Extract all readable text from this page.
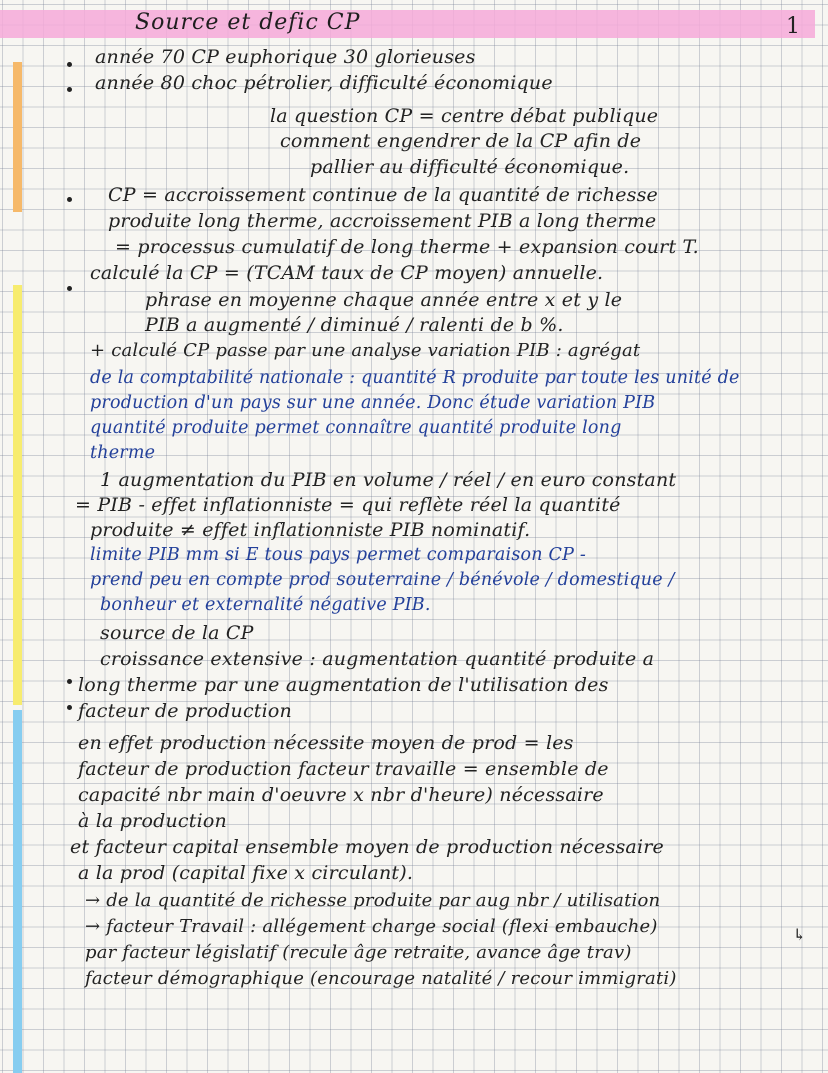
Source et defic CP	1
année 70 CP euphorique 30 glorieuses
année 80 choc pétrolier, difficulté économique
la question CP = centre débat publique
comment engendrer de la CP afin de
pallier au difficulté économique.
CP = accroissement continue de la quantité de richesse
produite long therme, accroissement PIB a long therme
= processus cumulatif de long therme + expansion court T.
calculé la CP = (TCAM taux de CP moyen) annuelle.
phrase en moyenne chaque année entre x et y le
PIB a augmenté / diminué / ralenti de b %.
+ calculé CP passe par une analyse variation PIB : agrégat
de la comptabilité nationale : quantité R produite par toute les unité de
production d'un pays sur une année. Donc étude variation PIB
quantité produite permet connaître quantité produite long
therme
1 augmentation du PIB en volume / réel / en euro constant
= PIB - effet inflationniste = qui reflète réel la quantité
produite ≠ effet inflationniste PIB nominatif.
limite PIB mm si E tous pays permet comparaison CP -
prend peu en compte prod souterraine / bénévole / domestique /
bonheur et externalité négative PIB.
source de la CP
croissance extensive : augmentation quantité produite a
long therme par une augmentation de l'utilisation des
facteur de production
en effet production nécessite moyen de prod = les
facteur de production facteur travaille = ensemble de
capacité nbr main d'oeuvre x nbr d'heure) nécessaire
à la production
et facteur capital ensemble moyen de production nécessaire
a la prod (capital fixe x circulant).
→ de la quantité de richesse produite par aug nbr / utilisation
→ facteur Travail : allégement charge social (flexi embauche)
par facteur législatif (recule âge retraite, avance âge trav)
facteur démographique (encourage natalité / recour immigrati)
↳
